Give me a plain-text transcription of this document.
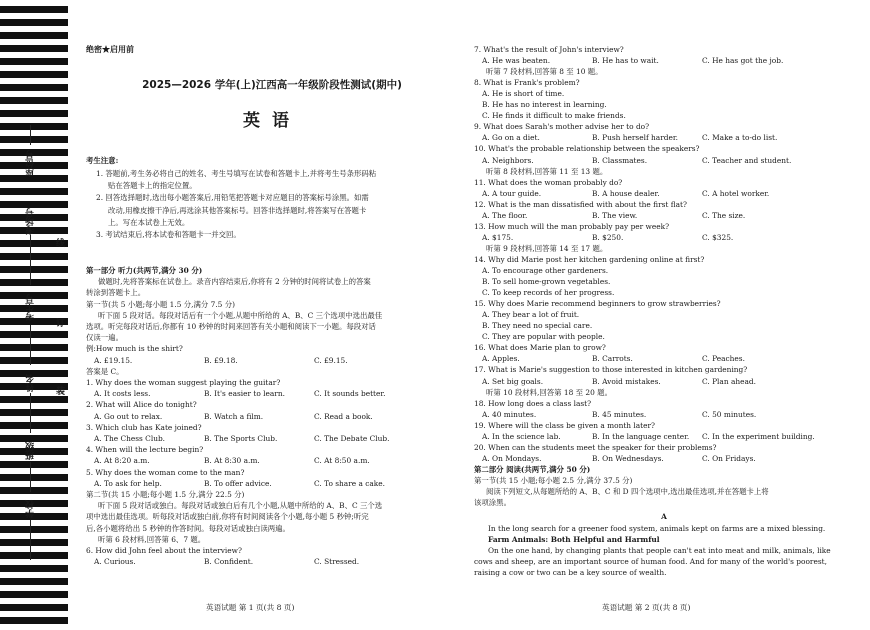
座位号
考场号
考生号
姓名
班级
学校
线
订
装
绝密★启用前
2025—2026 学年(上)江西高一年级阶段性测试(期中)
英语
考生注意:
1. 答题前,考生务必将自己的姓名、考生号填写在试卷和答题卡上,并将考生号条形码粘
贴在答题卡上的指定位置。
2. 回答选择题时,选出每小题答案后,用铅笔把答题卡对应题目的答案标号涂黑。如需
改动,用橡皮擦干净后,再选涂其他答案标号。回答非选择题时,将答案写在答题卡
上。写在本试卷上无效。
3. 考试结束后,将本试卷和答题卡一并交回。
第一部分 听力(共两节,满分 30 分)
做题时,先将答案标在试卷上。录音内容结束后,你将有 2 分钟的时间将试卷上的答案
转涂到答题卡上。
第一节(共 5 小题;每小题 1.5 分,满分 7.5 分)
听下面 5 段对话。每段对话后有一个小题,从题中所给的 A、B、C 三个选项中选出最佳
选项。听完每段对话后,你都有 10 秒钟的时间来回答有关小题和阅读下一小题。每段对话
仅读一遍。
例:How much is the shirt?
A. £19.15.	B. £9.18.	C. £9.15.
答案是 C。
1. Why does the woman suggest playing the guitar?
A. It costs less.	B. It's easier to learn.	C. It sounds better.
2. What will Alice do tonight?
A. Go out to relax.	B. Watch a film.	C. Read a book.
3. Which club has Kate joined?
A. The Chess Club.	B. The Sports Club.	C. The Debate Club.
4. When will the lecture begin?
A. At 8:20 a.m.	B. At 8:30 a.m.	C. At 8:50 a.m.
5. Why does the woman come to the man?
A. To ask for help.	B. To offer advice.	C. To share a cake.
第二节(共 15 小题;每小题 1.5 分,满分 22.5 分)
听下面 5 段对话或独白。每段对话或独白后有几个小题,从题中所给的 A、B、C 三个选
项中选出最佳选项。听每段对话或独白前,你将有时间阅读各个小题,每小题 5 秒钟;听完
后,各小题将给出 5 秒钟的作答时间。每段对话或独白读两遍。
听第 6 段材料,回答第 6、7 题。
6. How did John feel about the interview?
A. Curious.	B. Confident.	C. Stressed.
英语试题 第 1 页(共 8 页)
7. What's the result of John's interview?
A. He was beaten.	B. He has to wait.	C. He has got the job.
听第 7 段材料,回答第 8 至 10 题。
8. What is Frank's problem?
A. He is short of time.
B. He has no interest in learning.
C. He finds it difficult to make friends.
9. What does Sarah's mother advise her to do?
A. Go on a diet.	B. Push herself harder.	C. Make a to-do list.
10. What's the probable relationship between the speakers?
A. Neighbors.	B. Classmates.	C. Teacher and student.
听第 8 段材料,回答第 11 至 13 题。
11. What does the woman probably do?
A. A tour guide.	B. A house dealer.	C. A hotel worker.
12. What is the man dissatisfied with about the first flat?
A. The floor.	B. The view.	C. The size.
13. How much will the man probably pay per week?
A. $175.	B. $250.	C. $325.
听第 9 段材料,回答第 14 至 17 题。
14. Why did Marie post her kitchen gardening online at first?
A. To encourage other gardeners.
B. To sell home-grown vegetables.
C. To keep records of her progress.
15. Why does Marie recommend beginners to grow strawberries?
A. They bear a lot of fruit.
B. They need no special care.
C. They are popular with people.
16. What does Marie plan to grow?
A. Apples.	B. Carrots.	C. Peaches.
17. What is Marie's suggestion to those interested in kitchen gardening?
A. Set big goals.	B. Avoid mistakes.	C. Plan ahead.
听第 10 段材料,回答第 18 至 20 题。
18. How long does a class last?
A. 40 minutes.	B. 45 minutes.	C. 50 minutes.
19. Where will the class be given a month later?
A. In the science lab.	B. In the language center. C. In the experiment building.
20. When can the students meet the speaker for their problems?
A. On Mondays.	B. On Wednesdays.	C. On Fridays.
第二部分 阅读(共两节,满分 50 分)
第一节(共 15 小题;每小题 2.5 分,满分 37.5 分)
阅读下列短文,从每题所给的 A、B、C 和 D 四个选项中,选出最佳选项,并在答题卡上将
该项涂黑。
A
In the long search for a greener food system, animals kept on farms are a mixed blessing.
Farm Animals: Both Helpful and Harmful
On the one hand, by changing plants that people can't eat into meat and milk, animals, like
cows and sheep, are an important source of human food. And for many of the world's poorest,
raising a cow or two can be a key source of wealth.
英语试题 第 2 页(共 8 页)
